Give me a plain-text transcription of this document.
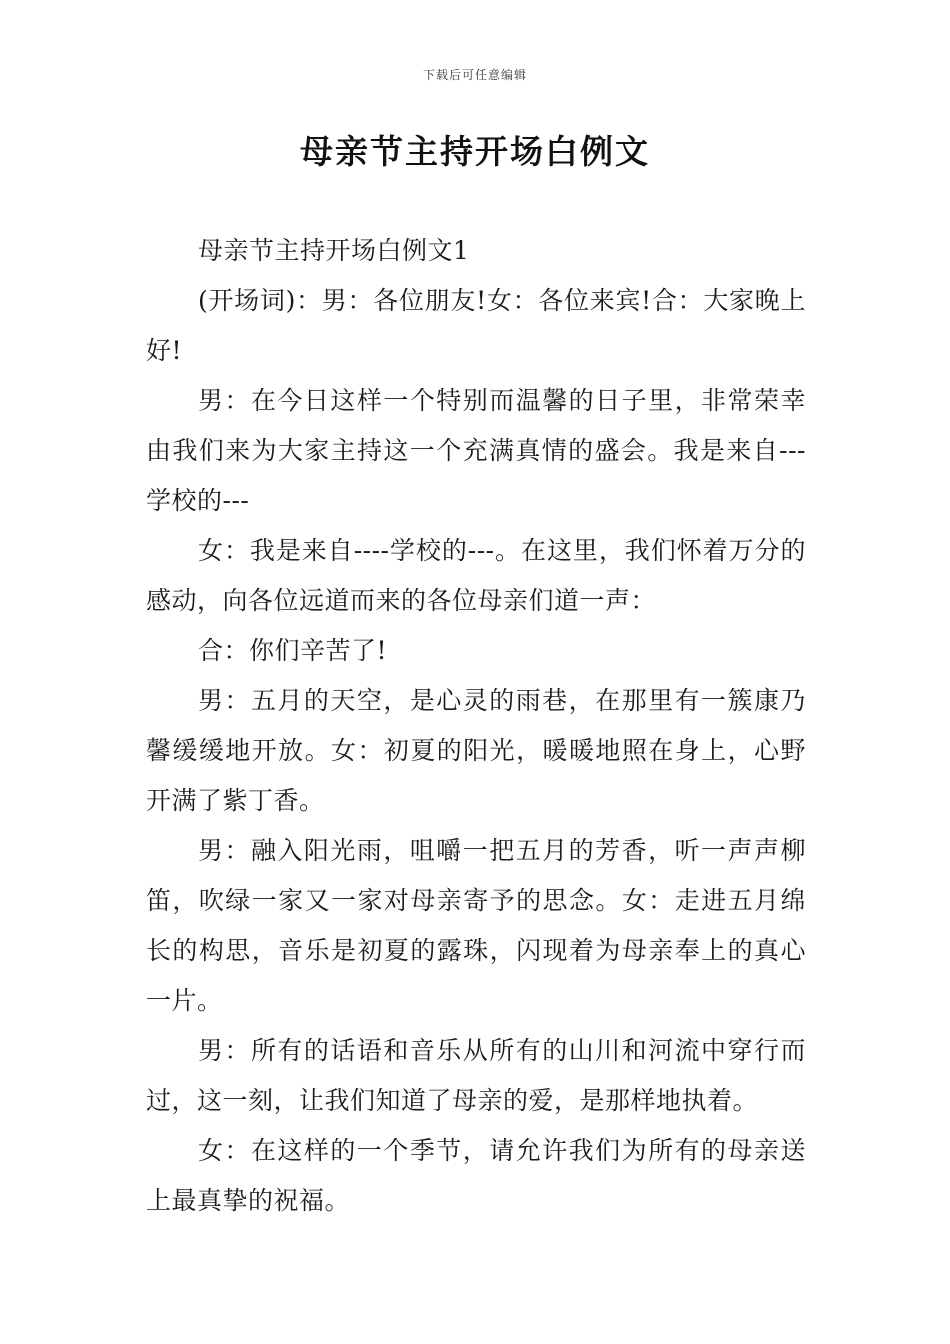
下载后可任意编辑
母亲节主持开场白例文

母亲节主持开场白例文1

(开场词)：男：各位朋友!女：各位来宾!合：大家晚上好!

男：在今日这样一个特别而温馨的日子里，非常荣幸由我们来为大家主持这一个充满真情的盛会。我是来自---学校的---

女：我是来自----学校的---。在这里，我们怀着万分的感动，向各位远道而来的各位母亲们道一声：

合：你们辛苦了!

男：五月的天空，是心灵的雨巷，在那里有一簇康乃馨缓缓地开放。女：初夏的阳光，暖暖地照在身上，心野开满了紫丁香。

男：融入阳光雨，咀嚼一把五月的芳香，听一声声柳笛，吹绿一家又一家对母亲寄予的思念。女：走进五月绵长的构思，音乐是初夏的露珠，闪现着为母亲奉上的真心一片。

男：所有的话语和音乐从所有的山川和河流中穿行而过，这一刻，让我们知道了母亲的爱，是那样地执着。

女：在这样的一个季节，请允许我们为所有的母亲送上最真挚的祝福。
